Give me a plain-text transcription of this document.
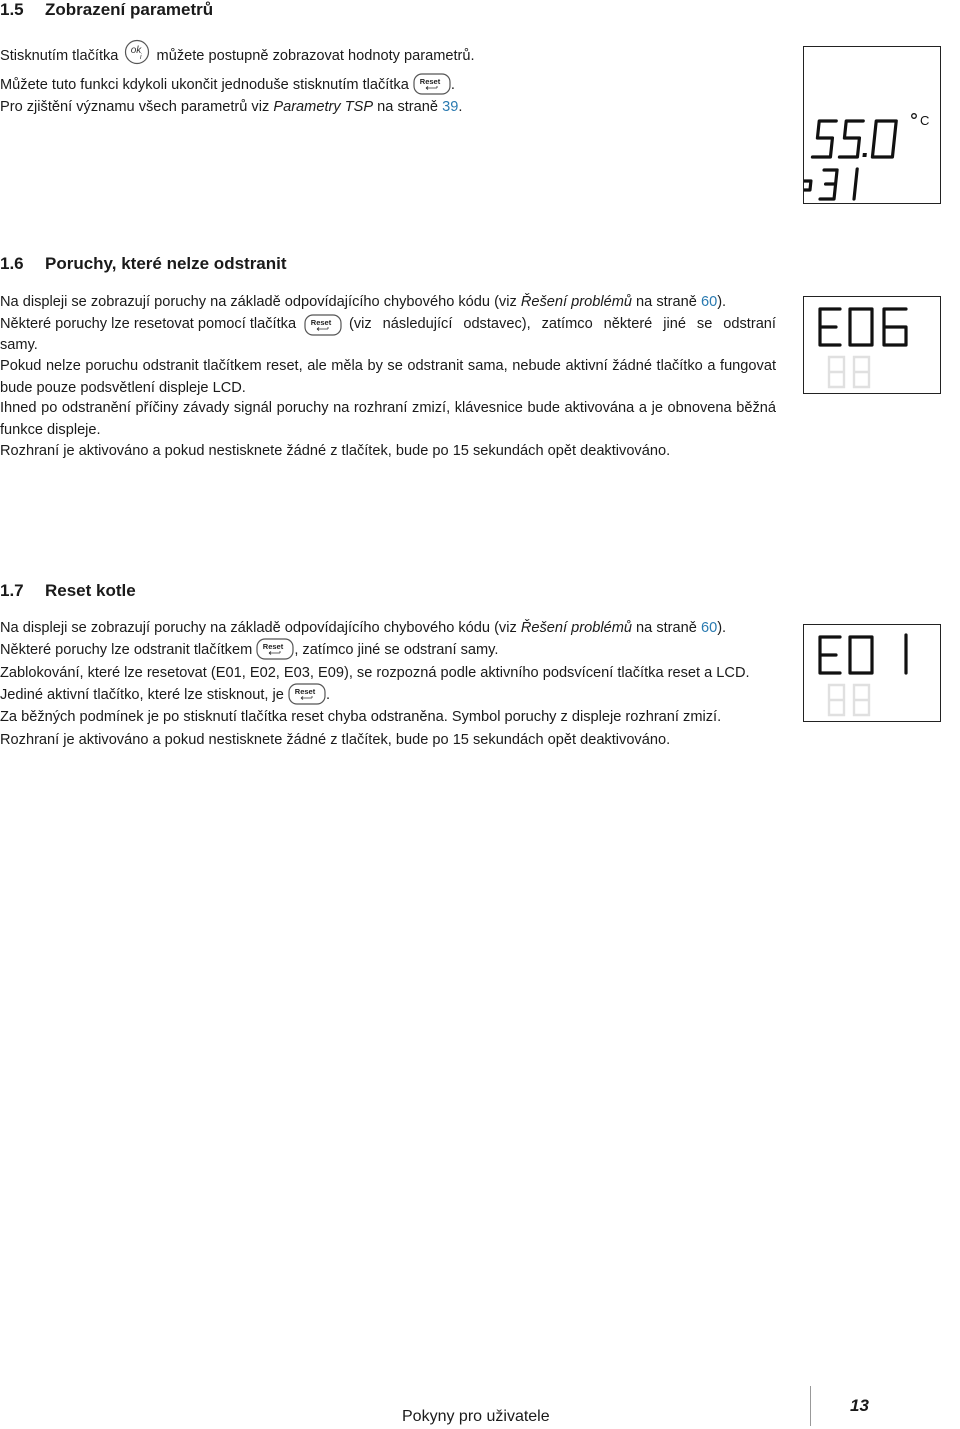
1.5 Zobrazení parametrů
Stisknutím tlačítka ok
i můžete postupně zobrazovat hodnoty parametrů.
Můžete tuto funkci kdykoli ukončit jednoduše stisknutím tlačítka Reset .
Pro zjištění významu všech parametrů viz Parametry TSP na straně 39.
C
1.6 Poruchy, které nelze odstranit
Na displeji se zobrazují poruchy na základě odpovídajícího chybového kódu (viz Řešení problémů na straně 60).
Některé poruchy lze resetovat pomocí tlačítka Reset (viz následující odstavec), zatímco některé jiné se odstraní
samy.
Pokud nelze poruchu odstranit tlačítkem reset, ale měla by se odstranit sama, nebude aktivní žádné tlačítko a fungovat bude pouze podsvětlení displeje LCD.
Ihned po odstranění příčiny závady signál poruchy na rozhraní zmizí, klávesnice bude aktivována a je obnovena běžná funkce displeje.
Rozhraní je aktivováno a pokud nestisknete žádné z tlačítek, bude po 15 sekundách opět deaktivováno.
1.7 Reset kotle
Na displeji se zobrazují poruchy na základě odpovídajícího chybového kódu (viz Řešení problémů na straně 60).
Některé poruchy lze odstranit tlačítkem Reset , zatímco jiné se odstraní samy.
Zablokování, které lze resetovat (E01, E02, E03, E09), se rozpozná podle aktivního podsvícení tlačítka reset a LCD.
Jediné aktivní tlačítko, které lze stisknout, je Reset .
Za běžných podmínek je po stisknutí tlačítka reset chyba odstraněna. Symbol poruchy z displeje rozhraní zmizí.
Rozhraní je aktivováno a pokud nestisknete žádné z tlačítek, bude po 15 sekundách opět deaktivováno.
Pokyny pro uživatele
13
